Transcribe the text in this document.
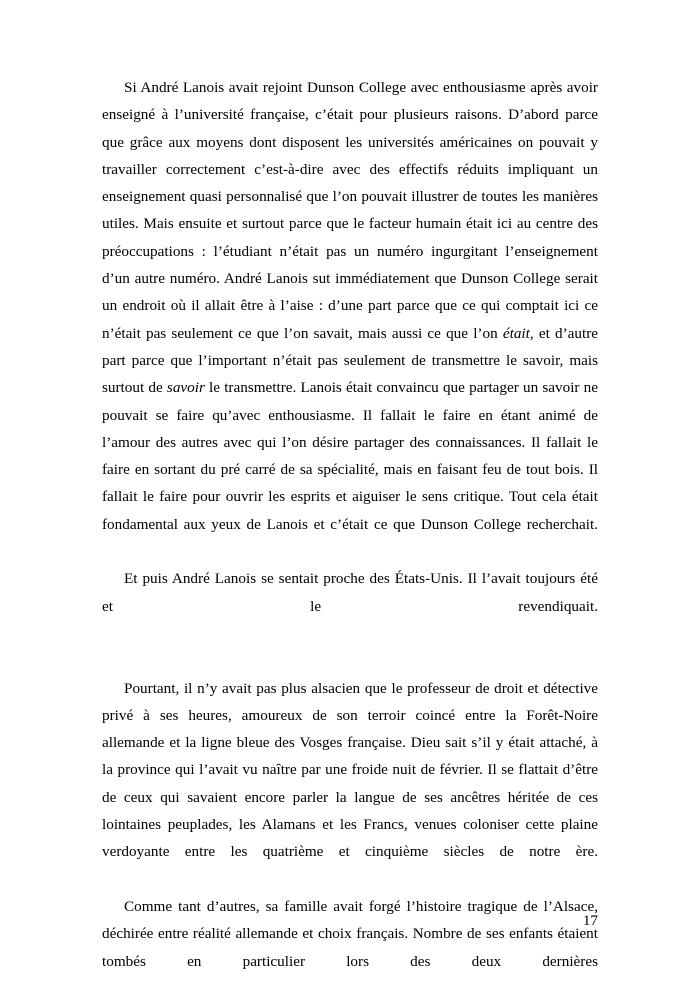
Si André Lanois avait rejoint Dunson College avec enthousiasme après avoir enseigné à l’université française, c’était pour plusieurs raisons. D’abord parce que grâce aux moyens dont disposent les universités américaines on pouvait y travailler correctement c’est-à-dire avec des effectifs réduits impliquant un enseignement quasi personnalisé que l’on pouvait illustrer de toutes les manières utiles. Mais ensuite et surtout parce que le facteur humain était ici au centre des préoccupations : l’étudiant n’était pas un numéro ingurgitant l’enseignement d’un autre numéro. André Lanois sut immédiatement que Dunson College serait un endroit où il allait être à l’aise : d’une part parce que ce qui comptait ici ce n’était pas seulement ce que l’on savait, mais aussi ce que l’on était, et d’autre part parce que l’important n’était pas seulement de transmettre le savoir, mais surtout de savoir le transmettre. Lanois était convaincu que partager un savoir ne pouvait se faire qu’avec enthousiasme. Il fallait le faire en étant animé de l’amour des autres avec qui l’on désire partager des connaissances. Il fallait le faire en sortant du pré carré de sa spécialité, mais en faisant feu de tout bois. Il fallait le faire pour ouvrir les esprits et aiguiser le sens critique. Tout cela était fondamental aux yeux de Lanois et c’était ce que Dunson College recherchait.

Et puis André Lanois se sentait proche des États-Unis. Il l’avait toujours été et le revendiquait.

Pourtant, il n’y avait pas plus alsacien que le professeur de droit et détective privé à ses heures, amoureux de son terroir coincé entre la Forêt-Noire allemande et la ligne bleue des Vosges française. Dieu sait s’il y était attaché, à la province qui l’avait vu naître par une froide nuit de février. Il se flattait d’être de ceux qui savaient encore parler la langue de ses ancêtres héritée de ces lointaines peuplades, les Alamans et les Francs, venues coloniser cette plaine verdoyante entre les quatrième et cinquième siècles de notre ère.

Comme tant d’autres, sa famille avait forgé l’histoire tragique de l’Alsace, déchirée entre réalité allemande et choix français. Nombre de ses enfants étaient tombés en particulier lors des deux dernières

17
